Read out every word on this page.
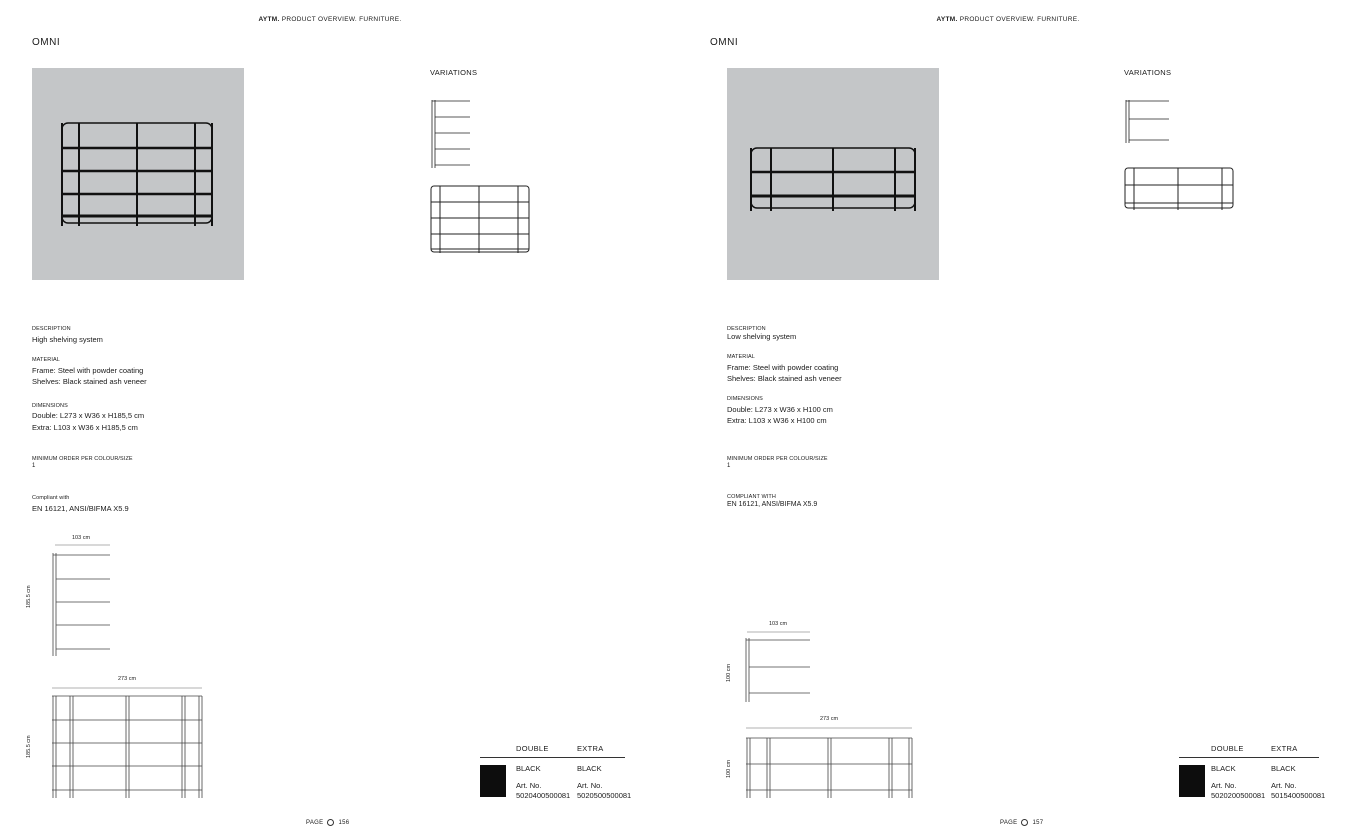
AYTM. PRODUCT OVERVIEW. FURNITURE.
OMNI
VARIATIONS
DESCRIPTION
High shelving system
MATERIAL
Frame: Steel with powder coating
Shelves: Black stained ash veneer
DIMENSIONS
Double: L273 x W36 x H185,5 cm
Extra: L103 x W36 x H185,5 cm
MINIMUM ORDER PER COLOUR/SIZE
1
Compliant with
EN 16121, ANSI/BIFMA X5.9
103 cm
185.5 cm
273 cm
185.5 cm	DOUBLE	EXTRA
BLACK	BLACK
Art. No.	Art. No.
5020400500081 5020500500081
PAGE	156
AYTM. PRODUCT OVERVIEW. FURNITURE.
OMNI
VARIATIONS
DESCRIPTION
Low shelving system
MATERIAL
Frame: Steel with powder coating
Shelves: Black stained ash veneer
DIMENSIONS
Double: L273 x W36 x H100 cm
Extra: L103 x W36 x H100 cm
MINIMUM ORDER PER COLOUR/SIZE
1
COMPLIANT WITH
EN 16121, ANSI/BIFMA X5.9
103 cm
100 cm
273 cm
100 cm
DOUBLE	EXTRA
BLACK	BLACK
Art. No.	Art. No.
5020200500081 5015400500081
PAGE	157
